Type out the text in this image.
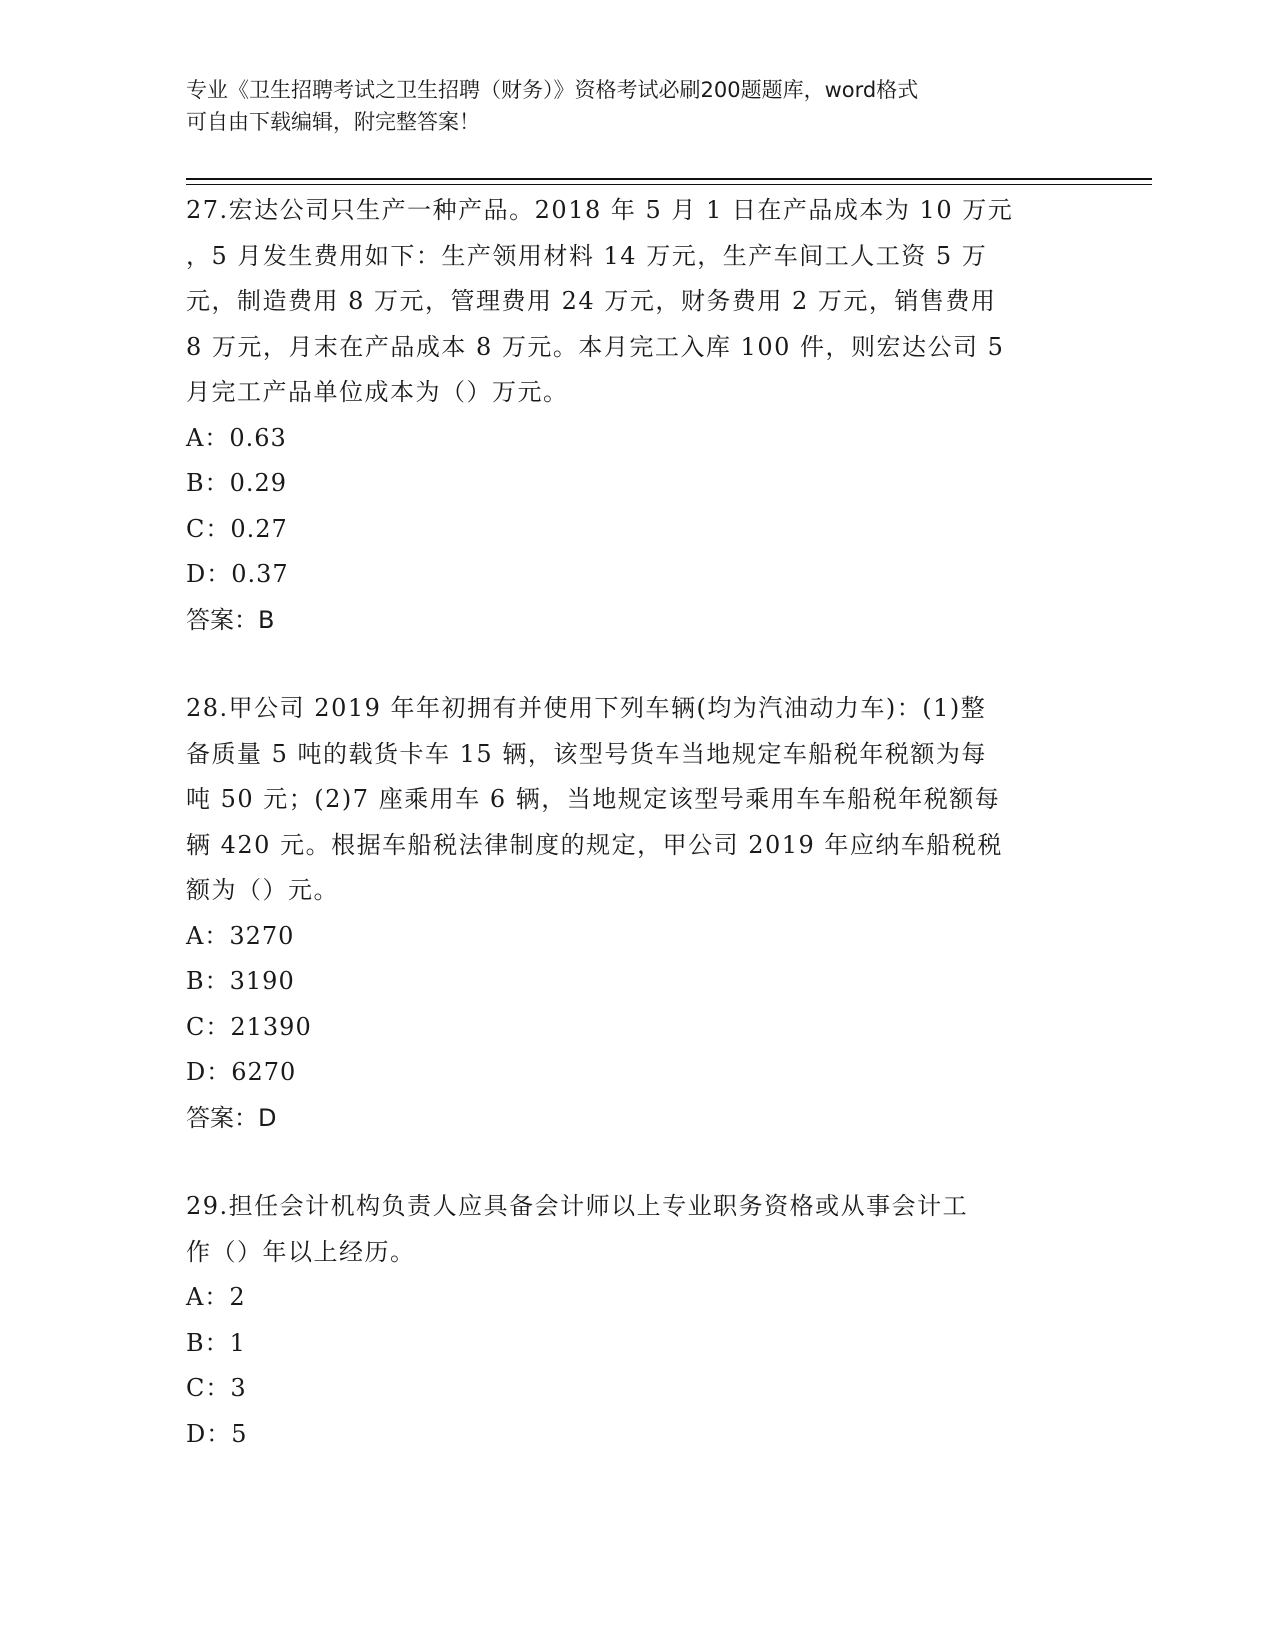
专业《卫生招聘考试之卫生招聘（财务）》资格考试必刷200题题库，word格式
可自由下载编辑，附完整答案！
27.宏达公司只生产一种产品。2018 年 5 月 1 日在产品成本为 10 万元
，5 月发生费用如下：生产领用材料 14 万元，生产车间工人工资 5 万
元，制造费用 8 万元，管理费用 24 万元，财务费用 2 万元，销售费用
8 万元，月末在产品成本 8 万元。本月完工入库 100 件，则宏达公司 5
月完工产品单位成本为（）万元。
A：0.63
B：0.29
C：0.27
D：0.37
答案：B
28.甲公司 2019 年年初拥有并使用下列车辆(均为汽油动力车)：(1)整
备质量 5 吨的载货卡车 15 辆，该型号货车当地规定车船税年税额为每
吨 50 元；(2)7 座乘用车 6 辆，当地规定该型号乘用车车船税年税额每
辆 420 元。根据车船税法律制度的规定，甲公司 2019 年应纳车船税税
额为（）元。
A：3270
B：3190
C：21390
D：6270
答案：D
29.担任会计机构负责人应具备会计师以上专业职务资格或从事会计工
作（）年以上经历。
A：2
B：1
C：3
D：5
